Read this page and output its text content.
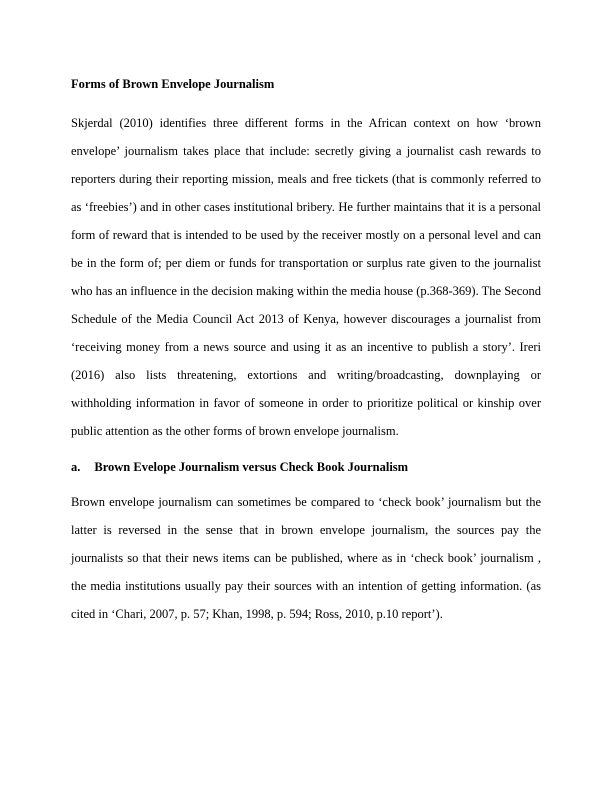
Forms of Brown Envelope Journalism

Skjerdal (2010) identifies three different forms in the African context on how ‘brown envelope’ journalism takes place that include: secretly giving a journalist cash rewards to reporters during their reporting mission, meals and free tickets (that is commonly referred to as ‘freebies’) and in other cases institutional bribery. He further maintains that it is a personal form of reward that is intended to be used by the receiver mostly on a personal level and can be in the form of; per diem or funds for transportation or surplus rate given to the journalist who has an influence in the decision making within the media house (p.368-369). The Second Schedule of the Media Council Act 2013 of Kenya, however discourages a journalist from ‘receiving money from a news source and using it as an incentive to publish a story’. Ireri (2016) also lists threatening, extortions and writing/broadcasting, downplaying or withholding information in favor of someone in order to prioritize political or kinship over public attention as the other forms of brown envelope journalism.

a. Brown Evelope Journalism versus Check Book Journalism

Brown envelope journalism can sometimes be compared to ‘check book’ journalism but the latter is reversed in the sense that in brown envelope journalism, the sources pay the journalists so that their news items can be published, where as in ‘check book’ journalism , the media institutions usually pay their sources with an intention of getting information. (as cited in ‘Chari, 2007, p. 57; Khan, 1998, p. 594; Ross, 2010, p.10 report’).
